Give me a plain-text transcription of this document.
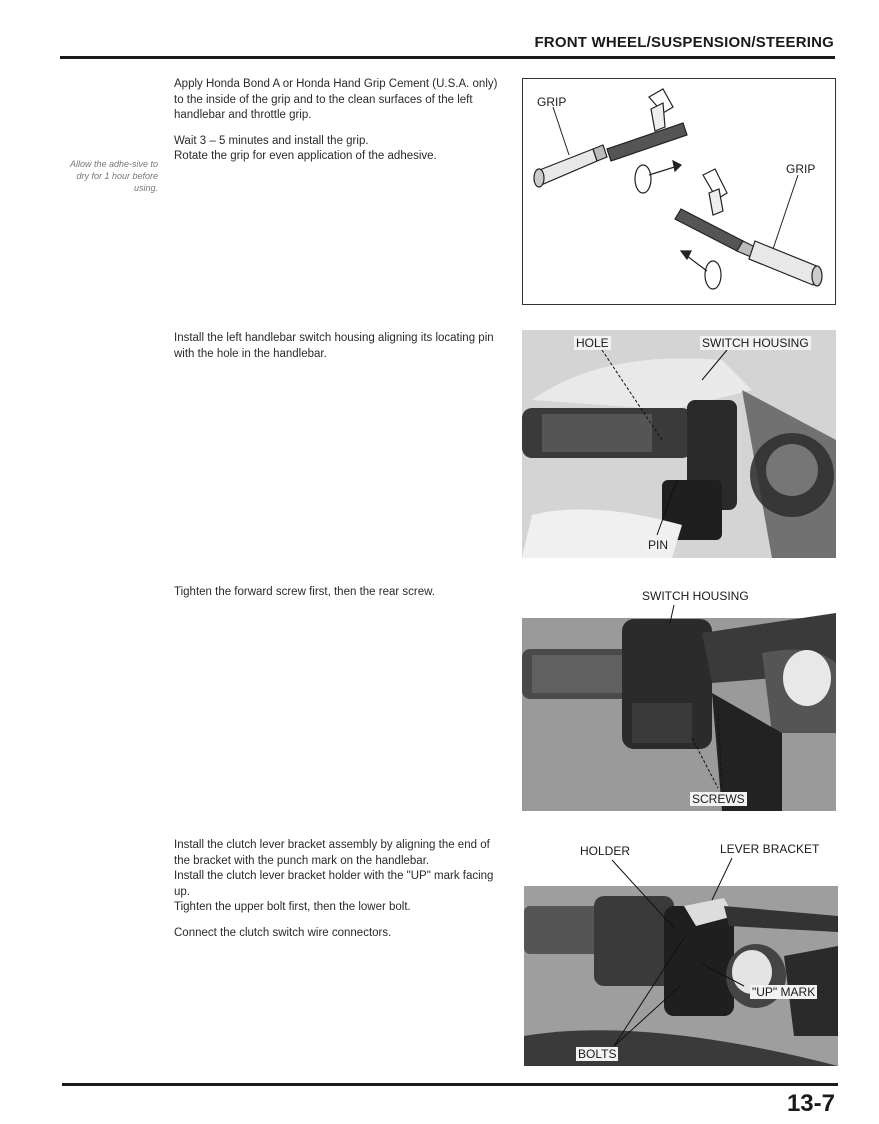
FRONT WHEEL/SUSPENSION/STEERING
Allow the adhe-sive to dry for 1 hour before using.

Apply Honda Bond A or Honda Hand Grip Cement (U.S.A. only) to the inside of the grip and to the clean surfaces of the left handlebar and throttle grip.

Wait 3 – 5 minutes and install the grip.

Rotate the grip for even application of the adhesive.

GRIP
GRIP

Install the left handlebar switch housing aligning its locating pin with the hole in the handlebar.

HOLE	SWITCH HOUSING
PIN

Tighten the forward screw first, then the rear screw.	SWITCH HOUSING
SCREWS

Install the clutch lever bracket assembly by aligning the end of the bracket with the punch mark on the handlebar.

Install the clutch lever bracket holder with the "UP" mark facing up.

Tighten the upper bolt first, then the lower bolt.

Connect the clutch switch wire connectors.

HOLDER	LEVER BRACKET
"UP" MARK
BOLTS
13-7
